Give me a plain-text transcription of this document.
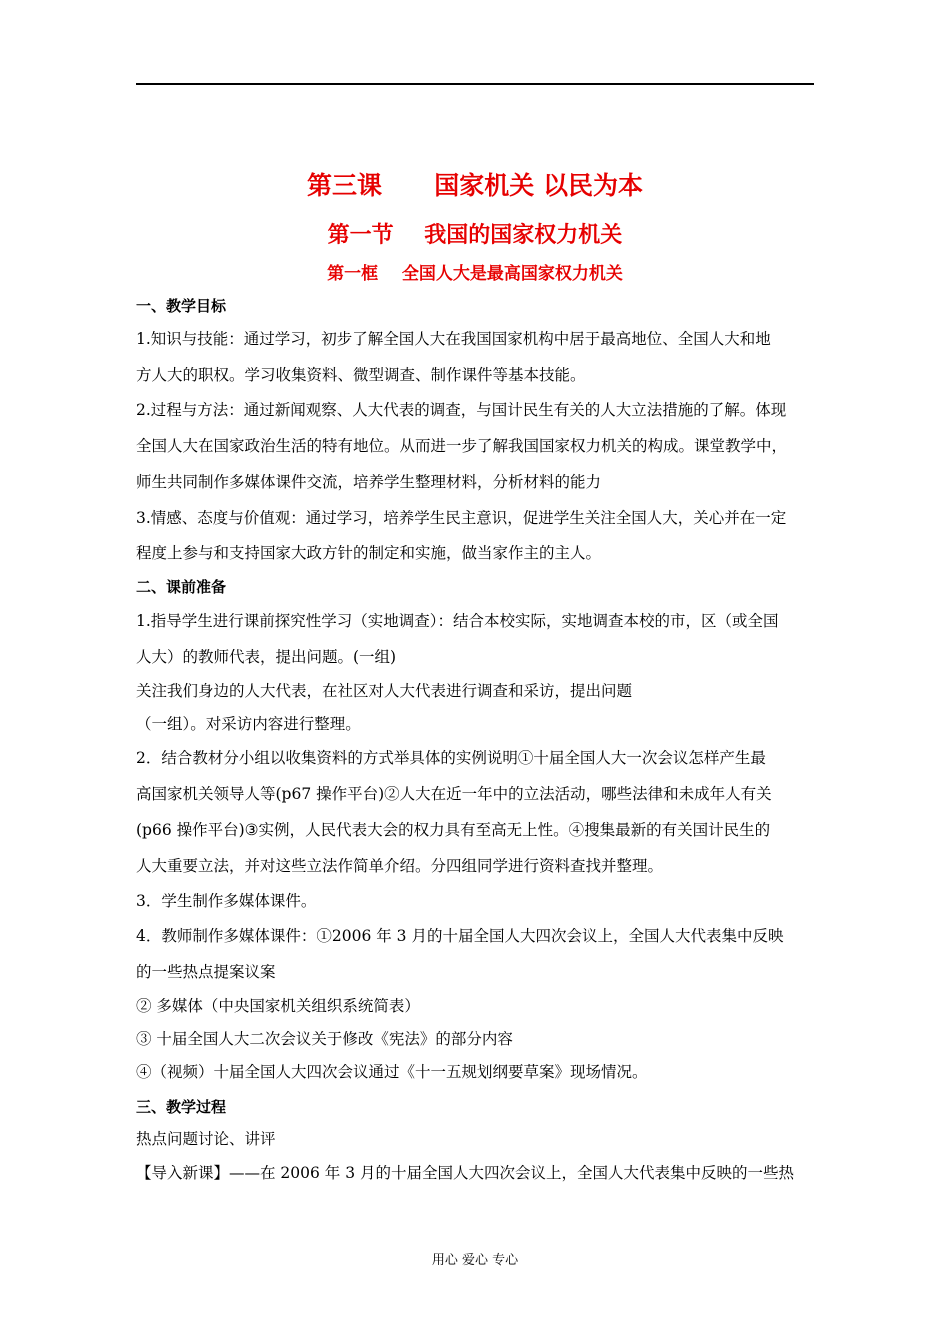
第三课      国家机关 以民为本
第一节    我国的国家权力机关
第一框    全国人大是最高国家权力机关
一、教学目标
1.知识与技能：通过学习，初步了解全国人大在我国国家机构中居于最高地位、全国人大和地
方人大的职权。学习收集资料、微型调查、制作课件等基本技能。
2.过程与方法：通过新闻观察、人大代表的调查，与国计民生有关的人大立法措施的了解。体现
全国人大在国家政治生活的特有地位。从而进一步了解我国国家权力机关的构成。课堂教学中，
师生共同制作多媒体课件交流，培养学生整理材料，分析材料的能力
3.情感、态度与价值观：通过学习，培养学生民主意识，促进学生关注全国人大，关心并在一定
程度上参与和支持国家大政方针的制定和实施，做当家作主的主人。
二、课前准备
1.指导学生进行课前探究性学习（实地调查）：结合本校实际，实地调查本校的市，区（或全国
人大）的教师代表，提出问题。(一组)
关注我们身边的人大代表，在社区对人大代表进行调查和采访，提出问题
（一组）。对采访内容进行整理。
2．结合教材分小组以收集资料的方式举具体的实例说明①十届全国人大一次会议怎样产生最
高国家机关领导人等(p67 操作平台)②人大在近一年中的立法活动，哪些法律和未成年人有关
(p66 操作平台)③实例，人民代表大会的权力具有至高无上性。④搜集最新的有关国计民生的
人大重要立法，并对这些立法作简单介绍。分四组同学进行资料查找并整理。
3．学生制作多媒体课件。
4．教师制作多媒体课件：①2006 年 3 月的十届全国人大四次会议上，全国人大代表集中反映
的一些热点提案议案
② 多媒体（中央国家机关组织系统简表）
③ 十届全国人大二次会议关于修改《宪法》的部分内容
④（视频）十届全国人大四次会议通过《十一五规划纲要草案》现场情况。
三、教学过程
热点问题讨论、讲评
【导入新课】——在 2006 年 3 月的十届全国人大四次会议上，全国人大代表集中反映的一些热
用心 爱心 专心
